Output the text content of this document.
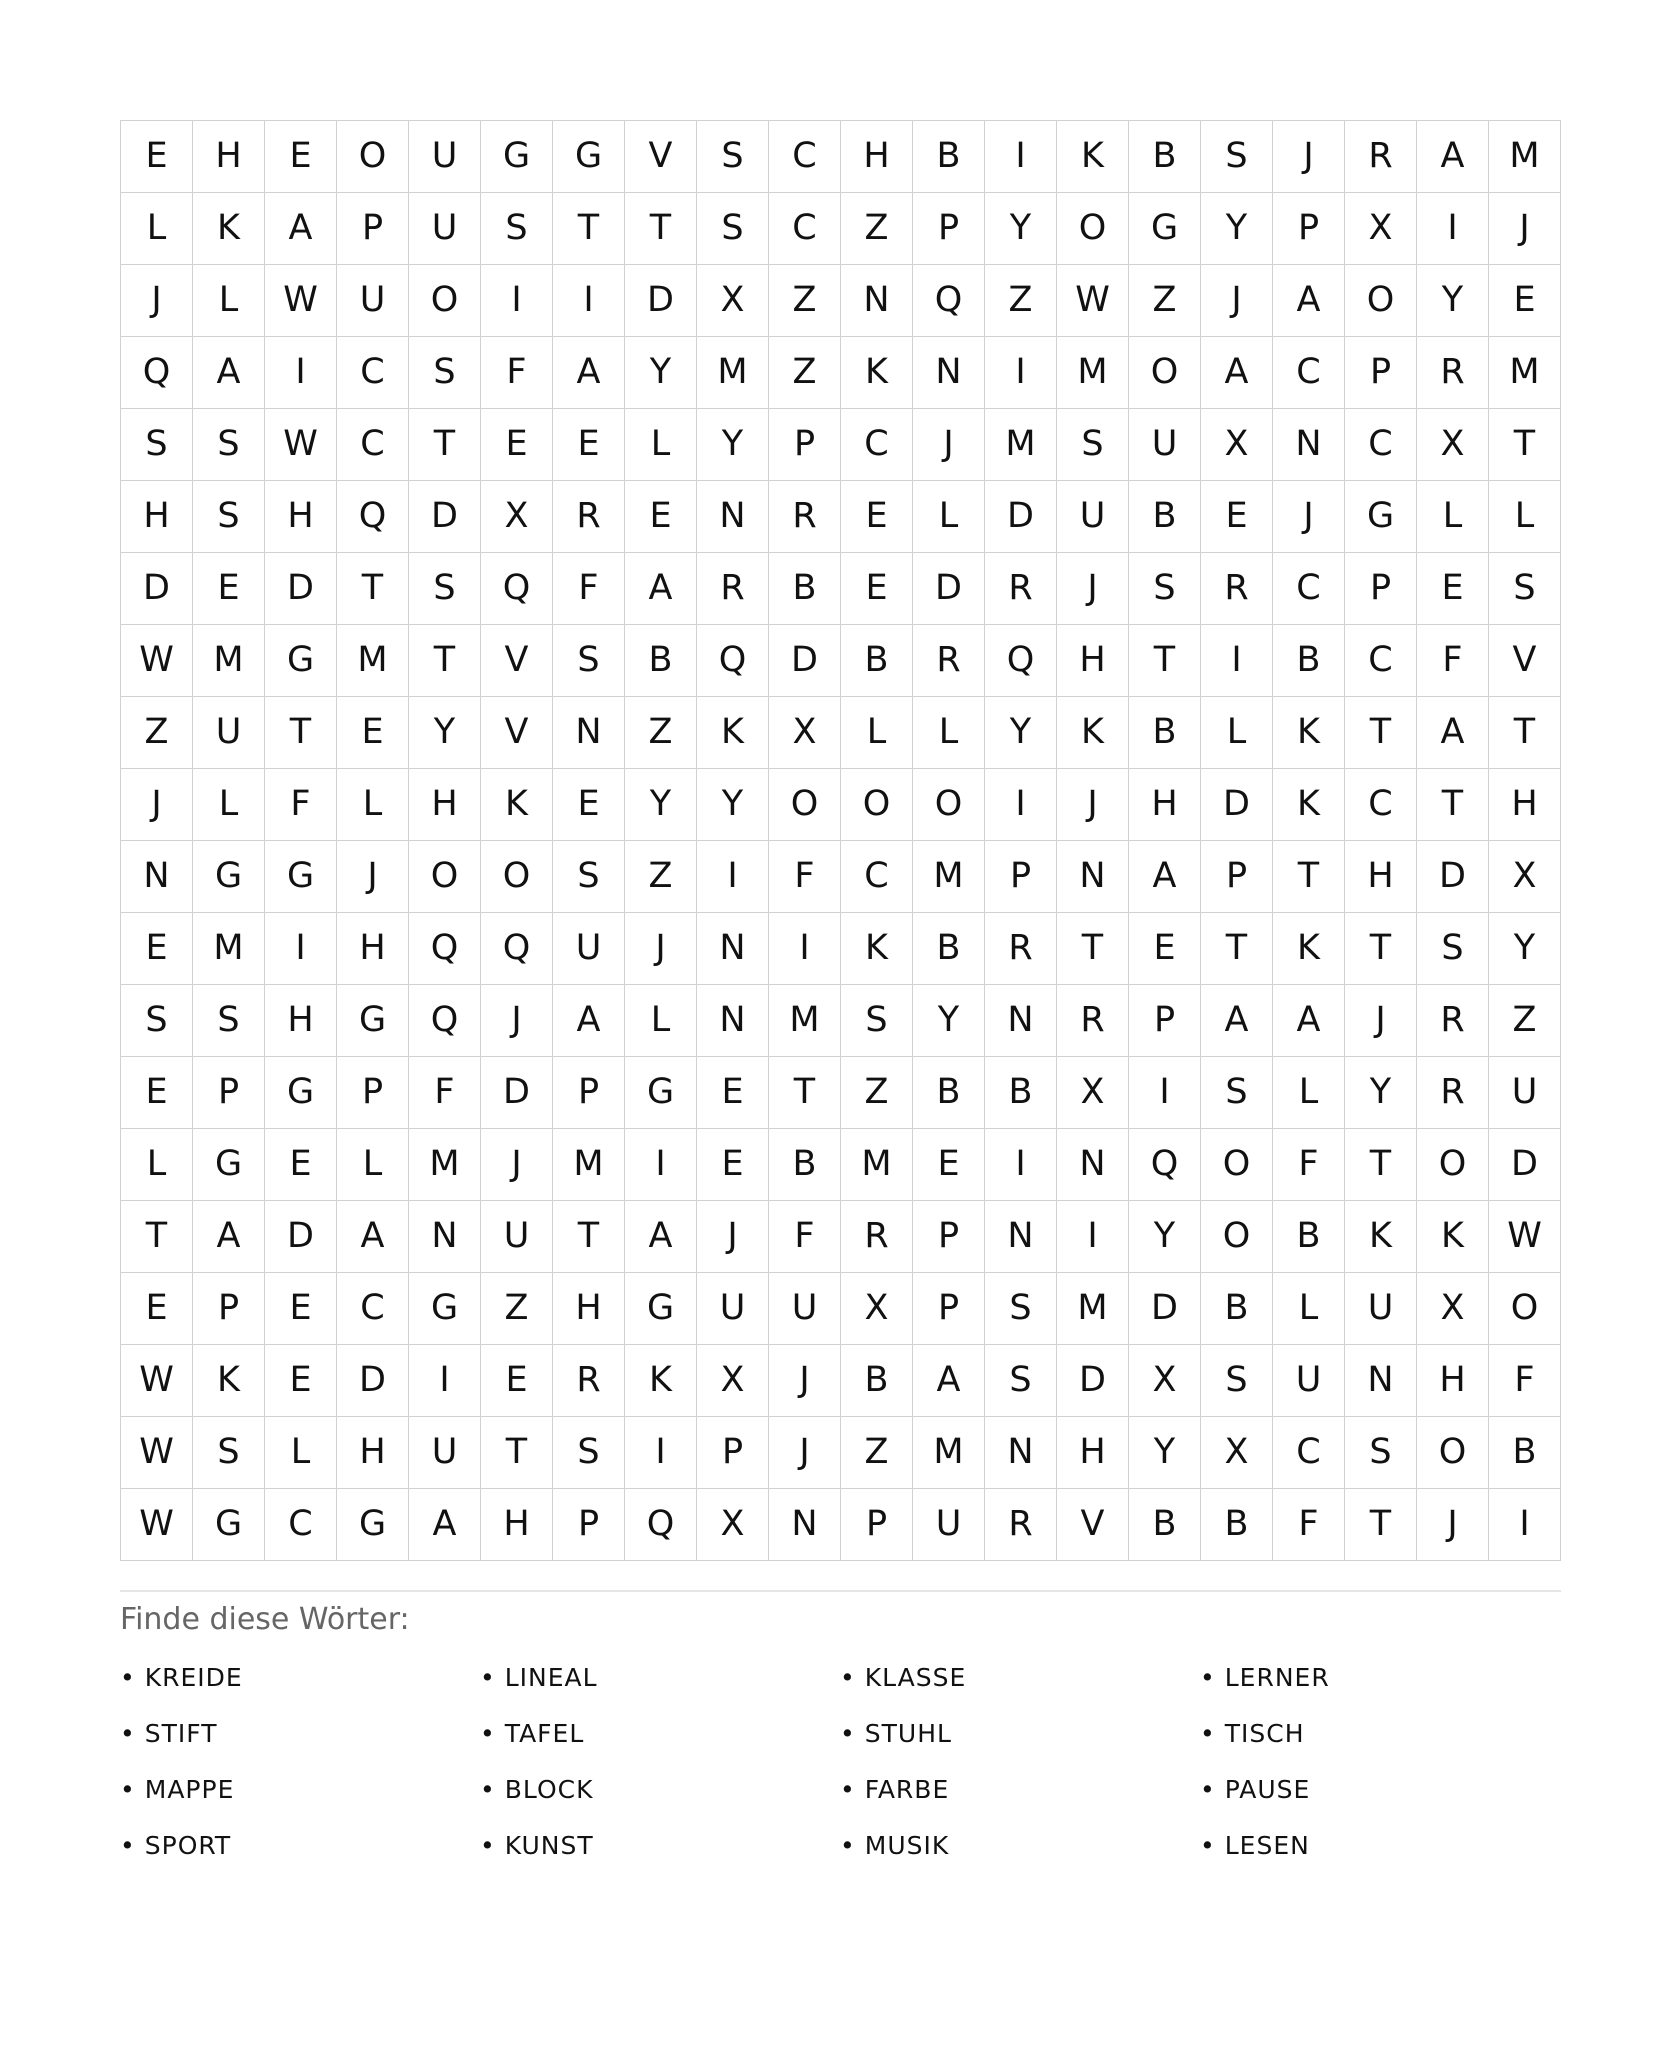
E	H	E	O	U	G	G	V	S	C	H	B	I	K	B	S	J	R	A	M
L	K	A	P	U	S	T	T	S	C	Z	P	Y	O	G	Y	P	X	I	J
J	L	W	U	O	I	I	D	X	Z	N	Q	Z	W	Z	J	A	O	Y	E
Q	A	I	C	S	F	A	Y	M	Z	K	N	I	M	O	A	C	P	R	M
S	S	W	C	T	E	E	L	Y	P	C	J	M	S	U	X	N	C	X	T
H	S	H	Q	D	X	R	E	N	R	E	L	D	U	B	E	J	G	L	L
D	E	D	T	S	Q	F	A	R	B	E	D	R	J	S	R	C	P	E	S
W	M	G	M	T	V	S	B	Q	D	B	R	Q	H	T	I	B	C	F	V
Z	U	T	E	Y	V	N	Z	K	X	L	L	Y	K	B	L	K	T	A	T
J	L	F	L	H	K	E	Y	Y	O	O	O	I	J	H	D	K	C	T	H
N	G	G	J	O	O	S	Z	I	F	C	M	P	N	A	P	T	H	D	X
E	M	I	H	Q	Q	U	J	N	I	K	B	R	T	E	T	K	T	S	Y
S	S	H	G	Q	J	A	L	N	M	S	Y	N	R	P	A	A	J	R	Z
E	P	G	P	F	D	P	G	E	T	Z	B	B	X	I	S	L	Y	R	U
L	G	E	L	M	J	M	I	E	B	M	E	I	N	Q	O	F	T	O	D
T	A	D	A	N	U	T	A	J	F	R	P	N	I	Y	O	B	K	K	W
E	P	E	C	G	Z	H	G	U	U	X	P	S	M	D	B	L	U	X	O
W	K	E	D	I	E	R	K	X	J	B	A	S	D	X	S	U	N	H	F
W	S	L	H	U	T	S	I	P	J	Z	M	N	H	Y	X	C	S	O	B
W	G	C	G	A	H	P	Q	X	N	P	U	R	V	B	B	F	T	J	I
Finde diese Wörter:
• KREIDE	• LINEAL	• KLASSE	• LERNER
• STIFT	• TAFEL	• STUHL	• TISCH
• MAPPE	• BLOCK	• FARBE	• PAUSE
• SPORT	• KUNST	• MUSIK	• LESEN
